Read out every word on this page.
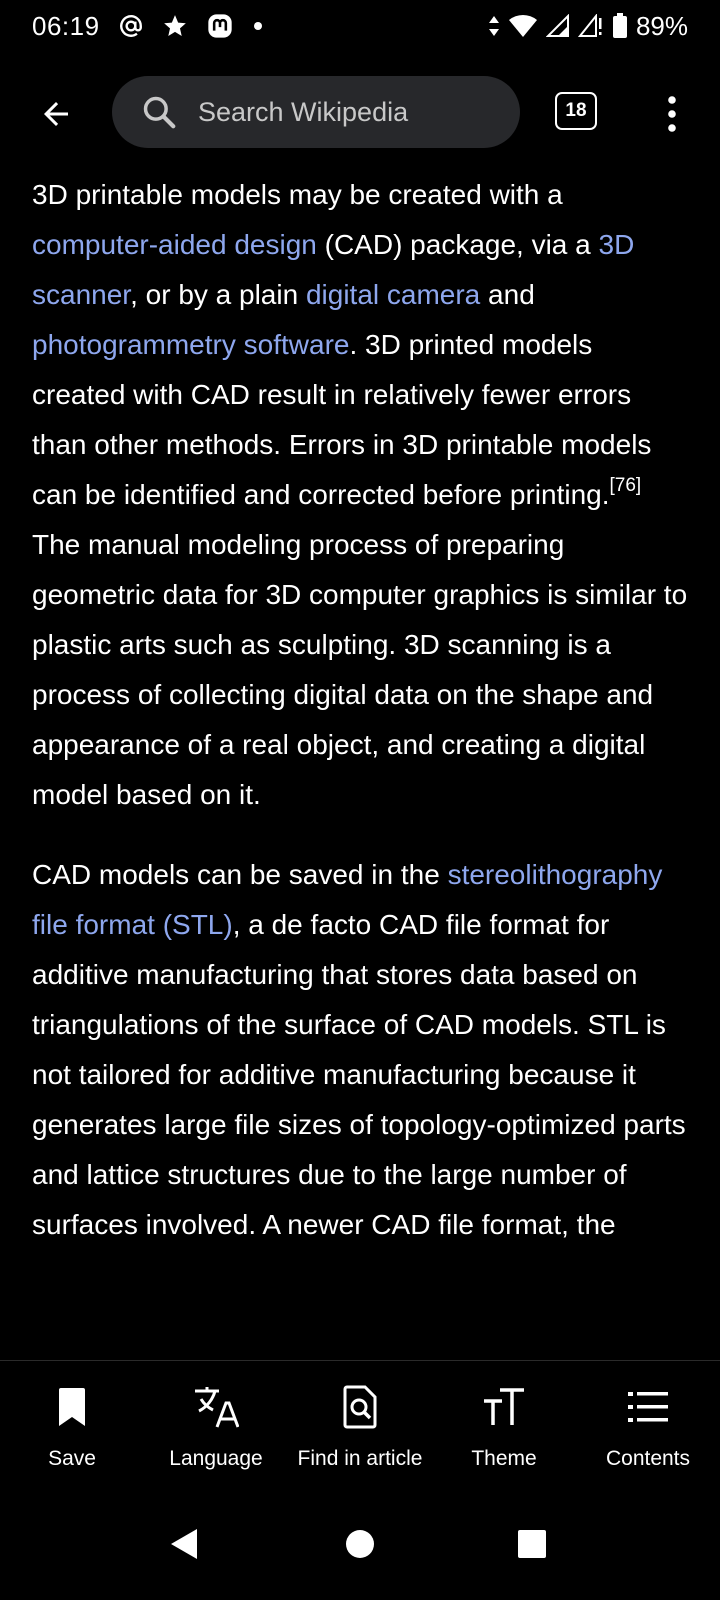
06:19	89%
Search Wikipedia	18

3D printable models may be created with a computer-aided design (CAD) package, via a 3D scanner, or by a plain digital camera and photogrammetry software. 3D printed models created with CAD result in relatively fewer errors than other methods. Errors in 3D printable models can be identified and corrected before printing.[76] The manual modeling process of preparing geometric data for 3D computer graphics is similar to plastic arts such as sculpting. 3D scanning is a process of collecting digital data on the shape and appearance of a real object, and creating a digital model based on it.

CAD models can be saved in the stereolithography file format (STL), a de facto CAD file format for additive manufacturing that stores data based on triangulations of the surface of CAD models. STL is not tailored for additive manufacturing because it generates large file sizes of topology-optimized parts and lattice structures due to the large number of surfaces involved. A newer CAD file format, the

Save	Language Find in article Theme	Contents
